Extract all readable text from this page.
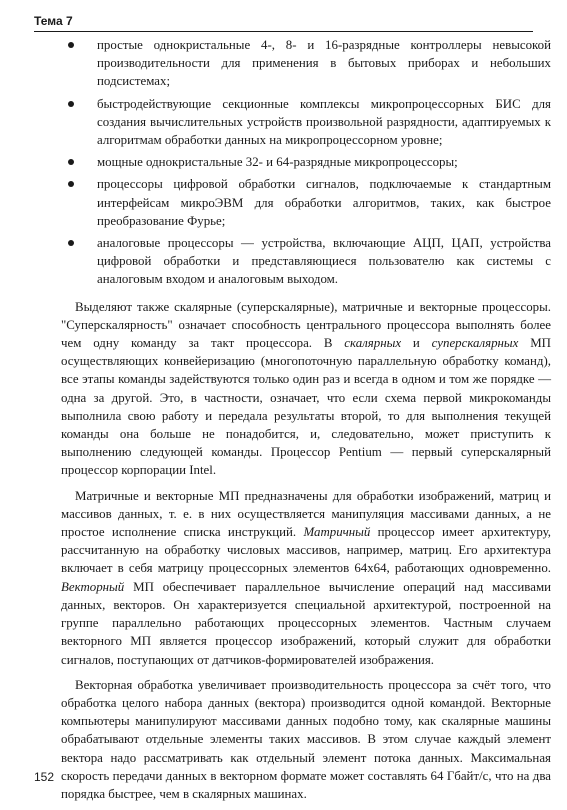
Тема 7
простые однокристальные 4-, 8- и 16-разрядные контроллеры невысокой производительности для применения в бытовых приборах и небольших подсистемах;
быстродействующие секционные комплексы микропроцессорных БИС для создания вычислительных устройств произвольной разрядности, адаптируемых к алгоритмам обработки данных на микропроцессорном уровне;
мощные однокристальные 32- и 64-разрядные микропроцессоры;
процессоры цифровой обработки сигналов, подключаемые к стандартным интерфейсам микроЭВМ для обработки алгоритмов, таких, как быстрое преобразование Фурье;
аналоговые процессоры — устройства, включающие АЦП, ЦАП, устройства цифровой обработки и представляющиеся пользователю как системы с аналоговым входом и аналоговым выходом.

Выделяют также скалярные (суперскалярные), матричные и векторные процессоры. "Суперскалярность" означает способность центрального процессора выполнять более чем одну команду за такт процессора. В скалярных и суперскалярных МП осуществляющих конвейеризацию (многопоточную параллельную обработку команд), все этапы команды задействуются только один раз и всегда в одном и том же порядке — одна за другой. Это, в частности, означает, что если схема первой микрокоманды выполнила свою работу и передала результаты второй, то для выполнения текущей команды она больше не понадобится, и, следовательно, может приступить к выполнению следующей команды. Процессор Pentium — первый суперскалярный процессор корпорации Intel.

Матричные и векторные МП предназначены для обработки изображений, матриц и массивов данных, т. е. в них осуществляется манипуляция массивами данных, а не простое исполнение списка инструкций. Матричный процессор имеет архитектуру, рассчитанную на обработку числовых массивов, например, матриц. Его архитектура включает в себя матрицу процессорных элементов 64х64, работающих одновременно. Векторный МП обеспечивает параллельное вычисление операций над массивами данных, векторов. Он характеризуется специальной архитектурой, построенной на группе параллельно работающих процессорных элементов. Частным случаем векторного МП является процессор изображений, который служит для обработки сигналов, поступающих от датчиков-формирователей изображения.

Векторная обработка увеличивает производительность процессора за счёт того, что обработка целого набора данных (вектора) производится одной командой. Векторные компьютеры манипулируют массивами данных подобно тому, как скалярные машины обрабатывают отдельные элементы таких массивов. В этом случае каждый элемент вектора надо рассматривать как отдельный элемент потока данных. Максимальная скорость передачи данных в векторном формате может составлять 64 Гбайт/с, что на два порядка быстрее, чем в скалярных машинах.

152
